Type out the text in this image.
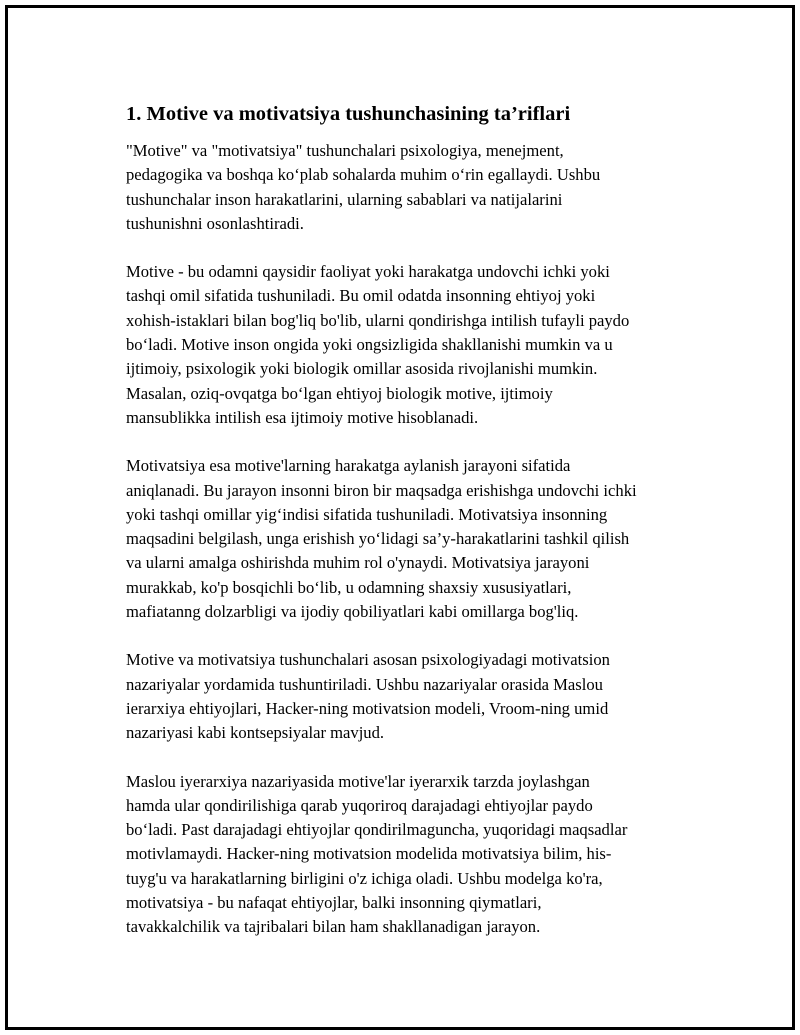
1. Motive va motivatsiya tushunchasining ta’riflari
"Motive" va "motivatsiya" tushunchalari psixologiya, menejment,
pedagogika va boshqa ko‘plab sohalarda muhim o‘rin egallaydi. Ushbu
tushunchalar inson harakatlarini, ularning sabablari va natijalarini
tushunishni osonlashtiradi.
Motive - bu odamni qaysidir faoliyat yoki harakatga undovchi ichki yoki
tashqi omil sifatida tushuniladi. Bu omil odatda insonning ehtiyoj yoki
xohish-istaklari bilan bog'liq bo'lib, ularni qondirishga intilish tufayli paydo
bo‘ladi. Motive inson ongida yoki ongsizligida shakllanishi mumkin va u
ijtimoiy, psixologik yoki biologik omillar asosida rivojlanishi mumkin.
Masalan, oziq-ovqatga bo‘lgan ehtiyoj biologik motive, ijtimoiy
mansublikka intilish esa ijtimoiy motive hisoblanadi.
Motivatsiya esa motive'larning harakatga aylanish jarayoni sifatida
aniqlanadi. Bu jarayon insonni biron bir maqsadga erishishga undovchi ichki
yoki tashqi omillar yig‘indisi sifatida tushuniladi. Motivatsiya insonning
maqsadini belgilash, unga erishish yo‘lidagi sa’y-harakatlarini tashkil qilish
va ularni amalga oshirishda muhim rol o'ynaydi. Motivatsiya jarayoni
murakkab, ko'p bosqichli bo‘lib, u odamning shaxsiy xususiyatlari,
mafiatanng dolzarbligi va ijodiy qobiliyatlari kabi omillarga bog'liq.
Motive va motivatsiya tushunchalari asosan psixologiyadagi motivatsion
nazariyalar yordamida tushuntiriladi. Ushbu nazariyalar orasida Maslou
ierarxiya ehtiyojlari, Hacker-ning motivatsion modeli, Vroom-ning umid
nazariyasi kabi kontsepsiyalar mavjud.
Maslou iyerarxiya nazariyasida motive'lar iyerarxik tarzda joylashgan
hamda ular qondirilishiga qarab yuqoriroq darajadagi ehtiyojlar paydo
bo‘ladi. Past darajadagi ehtiyojlar qondirilmaguncha, yuqoridagi maqsadlar
motivlamaydi. Hacker-ning motivatsion modelida motivatsiya bilim, his-
tuyg'u va harakatlarning birligini o'z ichiga oladi. Ushbu modelga ko'ra,
motivatsiya - bu nafaqat ehtiyojlar, balki insonning qiymatlari,
tavakkalchilik va tajribalari bilan ham shakllanadigan jarayon.
